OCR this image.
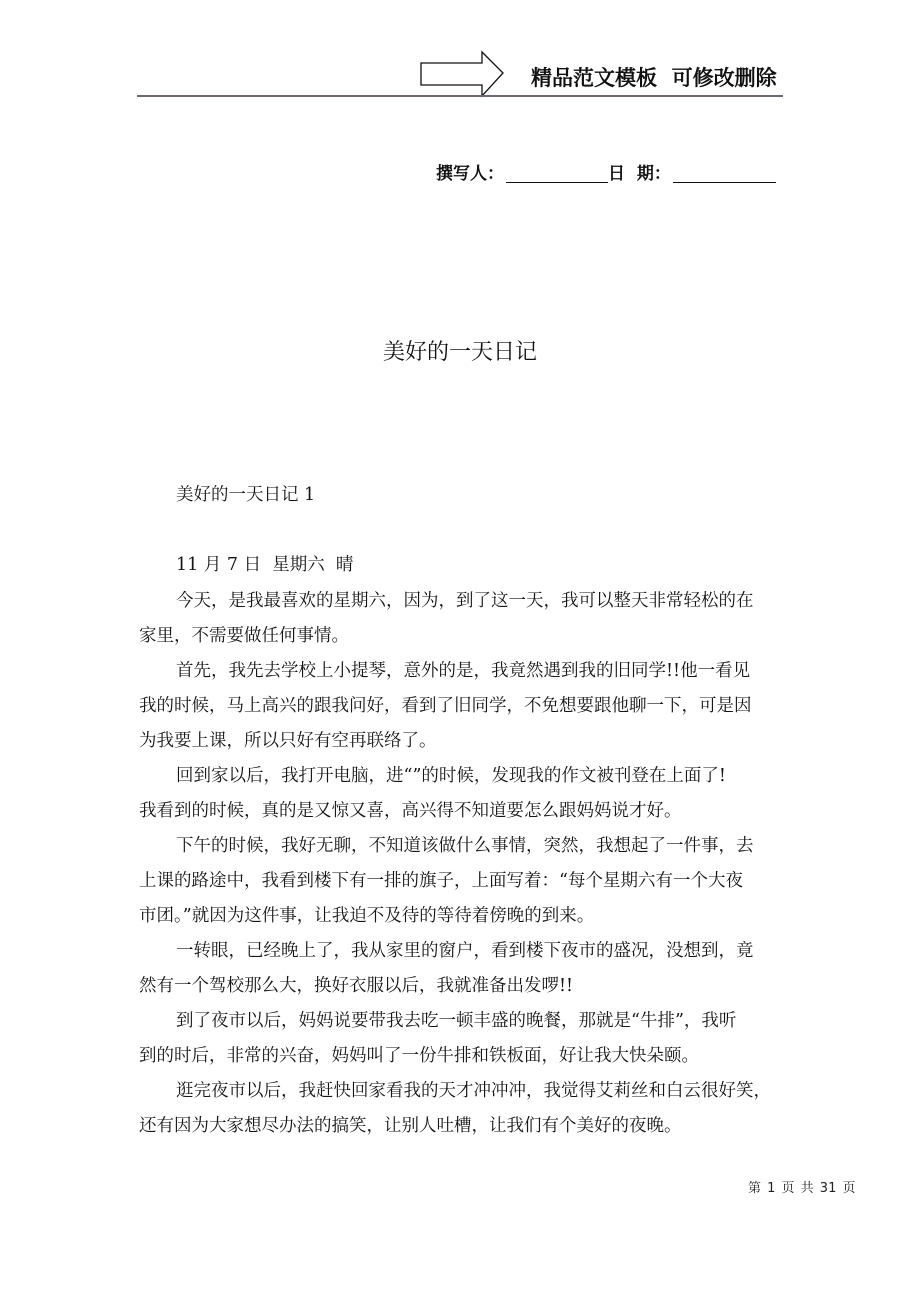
精品范文模板  可修改删除
撰写人：	日  期：
美好的一天日记
美好的一天日记 1
11 月 7 日  星期六  晴
今天，是我最喜欢的星期六，因为，到了这一天，我可以整天非常轻松的在
家里，不需要做任何事情。
首先，我先去学校上小提琴，意外的是，我竟然遇到我的旧同学!!他一看见
我的时候，马上高兴的跟我问好，看到了旧同学，不免想要跟他聊一下，可是因
为我要上课，所以只好有空再联络了。
回到家以后，我打开电脑，进“”的时候，发现我的作文被刊登在上面了!
我看到的时候，真的是又惊又喜，高兴得不知道要怎么跟妈妈说才好。
下午的时候，我好无聊，不知道该做什么事情，突然，我想起了一件事，去
上课的路途中，我看到楼下有一排的旗子，上面写着：“每个星期六有一个大夜
市团。”就因为这件事，让我迫不及待的等待着傍晚的到来。
一转眼，已经晚上了，我从家里的窗户，看到楼下夜市的盛况，没想到，竟
然有一个驾校那么大，换好衣服以后，我就准备出发啰!!
到了夜市以后，妈妈说要带我去吃一顿丰盛的晚餐，那就是“牛排”，我听
到的时后，非常的兴奋，妈妈叫了一份牛排和铁板面，好让我大快朵颐。
逛完夜市以后，我赶快回家看我的天才冲冲冲，我觉得艾莉丝和白云很好笑，
还有因为大家想尽办法的搞笑，让别人吐槽，让我们有个美好的夜晚。
第 1 页 共 31 页
